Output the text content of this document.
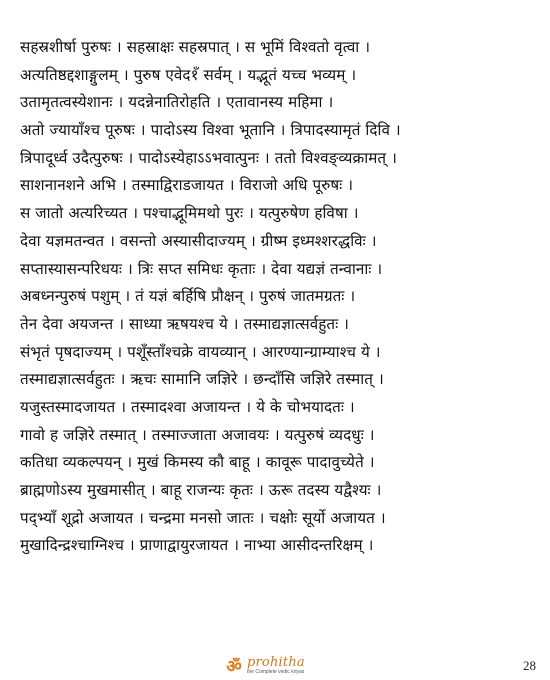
सहस्रशीर्षा पुरुषः । सहस्राक्षः सहस्रपात् । स भूमिं विश्वतो वृत्वा ।
अत्यतिष्ठद्दशाङ्गुलम् । पुरुष एवेद१ँ सर्वम् । यद्भूतं यच्च भव्यम् ।
उतामृतत्वस्येशानः । यदन्नेनातिरोहति । एतावानस्य महिमा ।
अतो ज्यायाँश्च पूरुषः । पादोऽस्य विश्वा भूतानि । त्रिपादस्यामृतं दिवि ।
त्रिपादूर्ध्व उदैत्पुरुषः । पादोऽस्येहाऽऽभवात्पुनः । ततो विश्वङ्व्यक्रामत् ।
साशनानशने अभि । तस्माद्विराडजायत । विराजो अधि पूरुषः ।
स जातो अत्यरिच्यत । पश्चाद्भूमिमथो पुरः । यत्पुरुषेण हविषा ।
देवा यज्ञमतन्वत । वसन्तो अस्यासीदाज्यम् । ग्रीष्म इध्मश्शरद्धविः ।
सप्तास्यासन्परिधयः । त्रिः सप्त समिधः कृताः । देवा यद्यज्ञं तन्वानाः ।
अबध्नन्पुरुषं पशुम् । तं यज्ञं बर्हिषि प्रौक्षन् । पुरुषं जातमग्रतः ।
तेन देवा अयजन्त । साध्या ऋषयश्च ये । तस्माद्यज्ञात्सर्वहुतः ।
संभृतं पृषदाज्यम् । पशूँस्ताँश्चक्रे वायव्यान् । आरण्यान्ग्राम्याश्च ये ।
तस्माद्यज्ञात्सर्वहुतः । ऋचः सामानि जज्ञिरे । छन्दाँसि जज्ञिरे तस्मात् ।
यजुस्तस्मादजायत । तस्मादश्वा अजायन्त । ये के चोभयादतः ।
गावो ह जज्ञिरे तस्मात् । तस्माज्जाता अजावयः । यत्पुरुषं व्यदधुः ।
कतिधा व्यकल्पयन् । मुखं किमस्य कौ बाहू । कावूरू पादावुच्येते ।
ब्राह्मणोऽस्य मुखमासीत् । बाहू राजन्यः कृतः । ऊरू तदस्य यद्वैश्यः ।
पद्भ्याँ शूद्रो अजायत । चन्द्रमा मनसो जातः । चक्षोः सूर्यो अजायत ।
मुखादिन्द्रश्चाग्निश्च । प्राणाद्वायुरजायत । नाभ्या आसीदन्तरिक्षम् ।
ॐ prohitha
the Complete vedic kriyas	28
